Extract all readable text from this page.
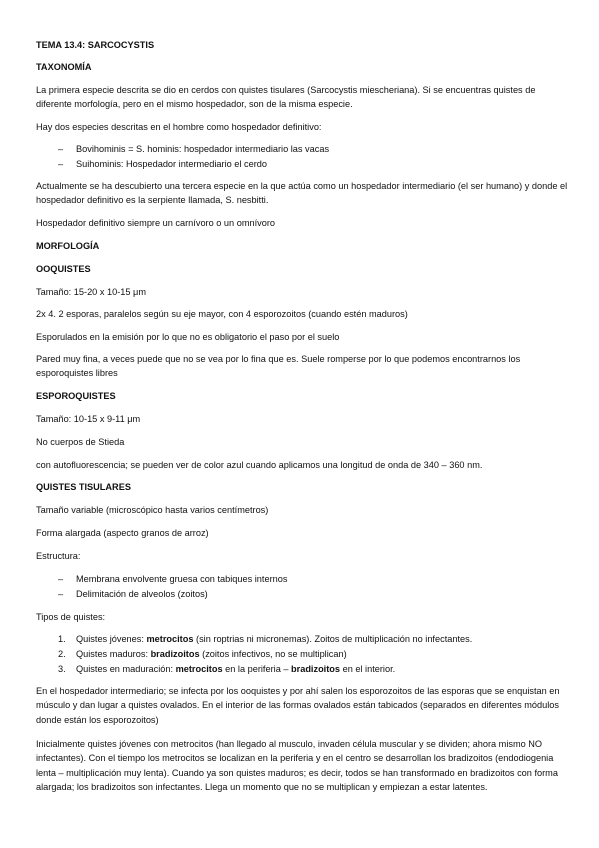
TEMA 13.4: SARCOCYSTIS
TAXONOMÍA

La primera especie descrita se dio en cerdos con quistes tisulares (Sarcocystis miescheriana). Si se encuentras quistes de diferente morfología, pero en el mismo hospedador, son de la misma especie.

Hay dos especies descritas en el hombre como hospedador definitivo:

– Bovihominis = S. hominis: hospedador intermediario las vacas
– Suihominis: Hospedador intermediario el cerdo

Actualmente se ha descubierto una tercera especie en la que actúa como un hospedador intermediario (el ser humano) y donde el hospedador definitivo es la serpiente llamada, S. nesbitti.

Hospedador definitivo siempre un carnívoro o un omnívoro

MORFOLOGÍA
OOQUISTES

Tamaño: 15-20 x 10-15 μm

2x 4. 2 esporas, paralelos según su eje mayor, con 4 esporozoitos (cuando estén maduros)

Esporulados en la emisión por lo que no es obligatorio el paso por el suelo

Pared muy fina, a veces puede que no se vea por lo fina que es. Suele romperse por lo que podemos encontrarnos los esporoquistes libres

ESPOROQUISTES

Tamaño: 10-15 x 9-11 μm

No cuerpos de Stieda

con autofluorescencia; se pueden ver de color azul cuando aplicamos una longitud de onda de 340 – 360 nm.

QUISTES TISULARES

Tamaño variable (microscópico hasta varios centímetros)

Forma alargada (aspecto granos de arroz)

Estructura:

– Membrana envolvente gruesa con tabiques internos
– Delimitación de alveolos (zoitos)

Tipos de quistes:

1. Quistes jóvenes: metrocitos (sin roptrias ni micronemas). Zoitos de multiplicación no infectantes.
2. Quistes maduros: bradizoitos (zoitos infectivos, no se multiplican)
3. Quistes en maduración: metrocitos en la periferia – bradizoitos en el interior.

En el hospedador intermediario; se infecta por los ooquistes y por ahí salen los esporozoitos de las esporas que se enquistan en músculo y dan lugar a quistes ovalados. En el interior de las formas ovalados están tabicados (separados en diferentes módulos donde están los esporozoitos)

Inicialmente quistes jóvenes con metrocitos (han llegado al musculo, invaden célula muscular y se dividen; ahora mismo NO infectantes). Con el tiempo los metrocitos se localizan en la periferia y en el centro se desarrollan los bradizoitos (endodiogenia lenta – multiplicación muy lenta). Cuando ya son quistes maduros; es decir, todos se han transformado en bradizoitos con forma alargada; los bradizoitos son infectantes. Llega un momento que no se multiplican y empiezan a estar latentes.
